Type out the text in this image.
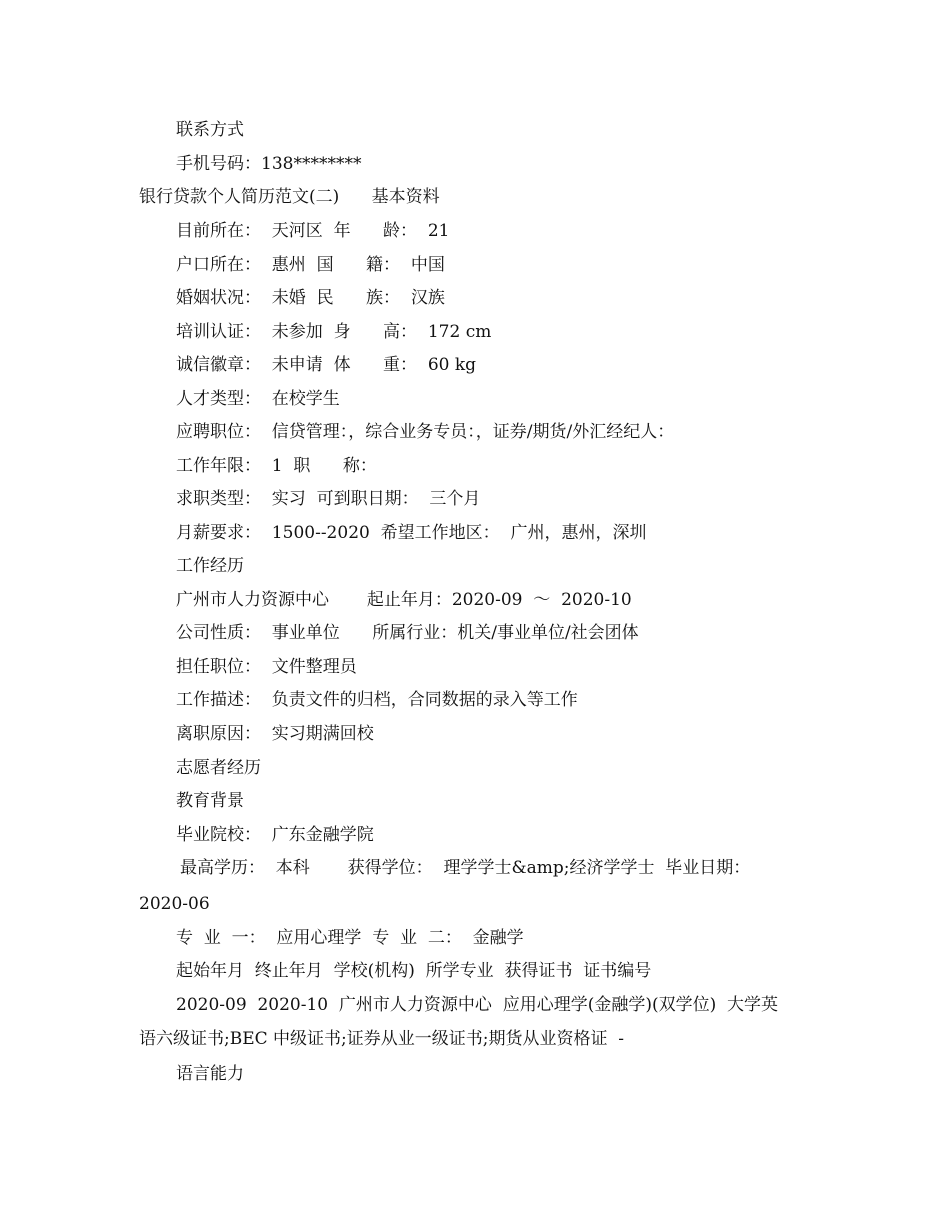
联系方式
手机号码：138********
银行贷款个人简历范文(二)      基本资料
目前所在：  天河区  年      龄：  21
户口所在：  惠州  国      籍：  中国
婚姻状况：  未婚  民      族：  汉族
培训认证：  未参加  身      高：  172 cm
诚信徽章：  未申请  体      重：  60 kg
人才类型：  在校学生
应聘职位：  信贷管理：，综合业务专员：，证券/期货/外汇经纪人：
工作年限：  1  职      称：
求职类型：  实习  可到职日期：  三个月
月薪要求：  1500--2020  希望工作地区：  广州，惠州，深圳
工作经历
广州市人力资源中心       起止年月：2020-09  ～  2020-10
公司性质：  事业单位      所属行业：机关/事业单位/社会团体
担任职位：  文件整理员
工作描述：  负责文件的归档，合同数据的录入等工作
离职原因：  实习期满回校
志愿者经历
教育背景
毕业院校：  广东金融学院
最高学历：  本科       获得学位：  理学学士&amp;经济学学士  毕业日期：
2020-06
专  业  一：  应用心理学  专  业  二：  金融学
起始年月  终止年月  学校(机构)  所学专业  获得证书  证书编号
2020-09  2020-10  广州市人力资源中心  应用心理学(金融学)(双学位)  大学英
语六级证书;BEC 中级证书;证券从业一级证书;期货从业资格证  -
语言能力
